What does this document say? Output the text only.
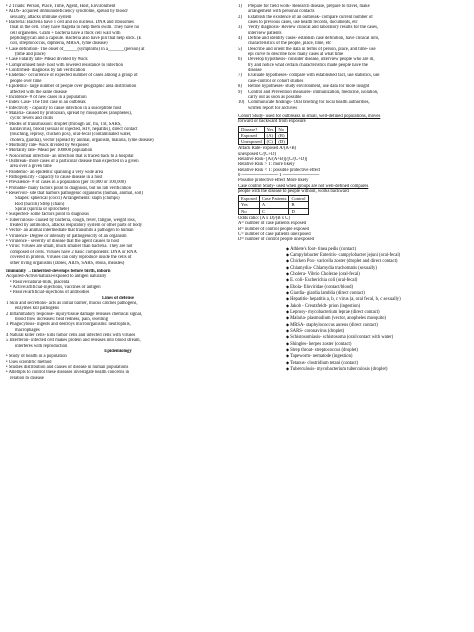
• 2 Triads: Person, Place, Time, Agent, Host, Environment
• AIDS- acquired immunodeficiency syndrome, spread by blood/
sexually, attacks immune system
• Bacteria: Bacteria have 1 cell and no nucleus. DNA and ribosomes
float in the cell. They have flagella to help them swim. They have no
cell organelles. Gram + bacteria have a thick cell wall with
peptidoglycan and a capsule. Bacteria also have pili that help stick. (E
coli, streptococcus, diphteria, MRSA, lyme disease)
• Case definition- The onset of______(symptoms) in a_______(person) at
(time and place)
• Case Fatality rate- #dead divided by #sick
• Compromised host- host with lowered resistance to infection
• Confirmed- diagnosis by lab verification
• Endemic- occurrence of expected number of cases among a group of
people over time
• Epidemic- large number of people over geographic area distribution
affected with the same disease
• Incidence- # of new cases in a population
• Index Case- The first case in an outbreak
• Infectivity - capacity to cause infection in a susceptible host
• Malaria- caused by protozoan, spread by mosquitoes (anopheles),
cyclic fevers and chills
• Modes of transmission: droplet (through air, flu, TB, SARS,
hantavirus), blood (sexual or injected, HIV, hepatitis), direct contact
(touching, leprosy, chicken pox), oral-fecal (contaminated water,
cholera, giardia), vector (spread by animal, organism, malaria, lyme disease)
• Morbidity rate- #sick divided by #exposed
• Mortality rate- #dead per 100000 population
• Nosocomial infection- an infection that is traced back to a hospital
• Outbreak- more cases of a particular disease than expected in a given
area over a given time
• Pandemic- an epidemic spanning a very wide area
• Pathogenicity - capacity to cause disease in a host
• Prevalence- # of cases in a population (per 10,000 or 100,000)
• Probable- many factors point to diagnosis, but no lab verification
• Reservoir- site that harbors pathogenic organisms (human, animal, soil)
Shapes: spherical (cocci) Arrangements: staph (clumps)
Rod (bacilli) Strep (chain)
Spiral (spirilla or spirochete)
• Suspected- some factors point to diagnosis
• Tuberculosis- caused by bacteria, cough, fever, fatigue, weight loss,
treated by antibiotics, attacks respiratory system or other parts of body
• Vector- an animal intermediate that transmits a pathogen to human
• Virulence- Degree or intensity of pathogenicity of an organism
• Virulence - severity of disease that the agent causes to host
• Virus: Viruses are small, much smaller than bacteria. They are not
composed of cells. Viruses have 2 basic components: DNA or RNA
covered in protein. Viruses can only reproduce inside the cells of
other living organisms (rabies, AIDS, SARS, ebola, measles)
Immunity →Inherited-develops before birth, inborn
Acquired-Active/natural-exposed to antigen naturally
• Passive/natural-milk, placenta
• Active/artificial-injections, vaccines of antigen
• Passive/artificial-injections of antibodies
Lines of defense
1 Skin and secretions- acts as initial barrier, mucus catches pathogens,
enzymes kill pathogens
2 Inflammatory response- injury/tissue damage releases chemical signal,
blood flow increases: heat redness, pain, swelling
3 Phagocytosis- ingests and destroys microorganisms: neutrophils,
macrophages
4 Natural killer cells- kills tumor cells and infected cells with viruses
5 Interferon- infected cell makes protein and releases into blood stream,
interferes with reproduction
Epidemiology
• Study of health in a population
• Uses scientific method
• Studies distribution and causes of disease in human populations
• Attempts to control these diseases investigate health concerns in
relation to disease
1) Prepare for field work- Research disease, prepare to travel, make
arrangement with personal contacts
2) Establish the existence of an outbreak- compare current number of
cases to previous cases, use health records, documents, etc
3) Verify diagnosis- Review clinical and laboratory results for the cases,
interview patients
4) Define and identify cases- establish case definition, have clinical info,
characteristics of the people, place, time, etc
5) Describe and orient the data in terms of person, place, and time- use
epi curve to describe how many cases at what time
6) Develop hypothesis- consider disease, interview people who are ill,
try and notice what certain characteristics made people have the
disease
7) Evaluate hypotheses- compare with established fact, use statistics, use
case-control or cohort studies
8) Refine hypotheses- study environment, use data for more insight
9) Control and Prevention measures- immunization, medicine, isolation,
carry out as soon as possible
10) Communicate findings- Oral briefing for local health authorities,
written report for archives
Cohort Study- used for outbreaks in small, well-defined populations, moves
forward or backward from exposure
Disease?	Yes	No
Exposed	(A)	(B)
Unexposed	(C)	(D)
Attack Rate- exposed A/(A+B)
unexposed C/(C+D)
Relative Risk- [A/(A+B)]/[C/(C+D)]
Relative Risk > 1: more likely
Relative Risk < 1: possible protective effect
0 ─────────── 1 ───────────
Possible protective effect More likely
Case control Study- used when groups are not well-defined compares
people with the disease to people without, works backward
Exposed	Case Patients	Control
Yes	A	B
No	C	D
Odds ratio: (A x D)/(B x C)
A= number of case patients exposed
B= number of control people exposed
C= number of case patients unexposed
D= number of control people unexposed
◆ Athlete's foot- tinea pedis (contact)
◆ Campylobacter Enteritis- campylobacter jejuni (oral-fecal)
◆ Chicken Pox- varicella zoster (droplet and direct contact)
◆ Chlamydia- Chlamydia trachomatis (sexually)
◆ Cholera- Vibrio Cholerae (oral-fecal)
◆ E. coli- Escherichia coli (oral-fecal)
◆ Ebola- filoviridae (contact/blood)
◆ Giardia- giardia lamblia (direct contact)
◆ Hepatitis- hepatitis a, b, c virus (a, oral fecal, b, c sexually)
◆ Jakob - Creutzfeldt- prion (ingestion)
◆ Leprosy- mycobacterium leprae (direct contact)
◆ Malaria- plasmodium (vector, anopheles mosquito)
◆ MRSA- staphylococcus aureus (direct contact)
◆ SARS- coronavirus (droplet)
◆ Schistosomiasis- schistosoma (oral/contact with water)
◆ Shingles- herpes zoster (contact)
◆ Strep throat- streptococcus (droplet)
◆ Tapeworm- nematode (ingestion)
◆ Tetanus- clostridium tetani (contact)
◆ Tuberculosis- mycobacterium tuberculosis (droplet)
